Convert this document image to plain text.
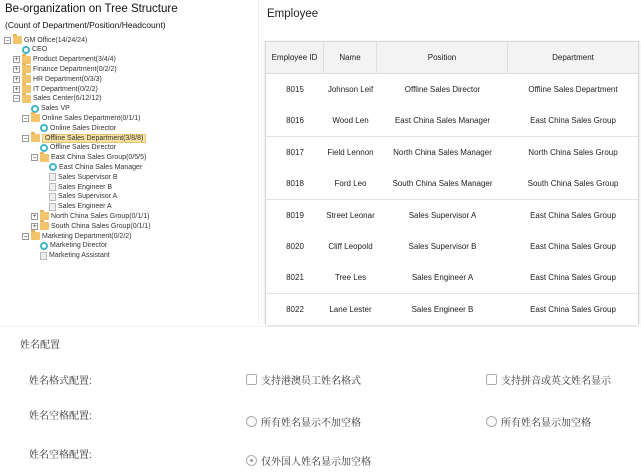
Be-organization on Tree Structure
(Count of Department/Position/Headcount)
− GM Office(14/24/24)
CEO
+ Product Department(3/4/4)
+ Finance Department(0/2/2)
+ HR Department(0/3/3)
+ IT Department(0/2/2)
− Sales Center(6/12/12)
Sales VP
− Online Sales Department(0/1/1)
Online Sales Director
−	Offline Sales Department(3/8/8)
Offline Sales Director
− East China Sales Group(0/5/5)
East China Sales Manager
Sales Supervisor B
Sales Engineer B
Sales Supervisor A
Sales Engineer A
+ North China Sales Group(0/1/1)
+ South China Sales Group(0/1/1)
− Marketing Department(0/2/2)
Marketing Director
Marketing Assistant
Employee
Employee ID	Name	Position	Department
8015	Johnson Leif	Offline Sales Director	Offline Sales Department
8016	Wood Len	East China Sales Manager	East China Sales Group
8017	Field Lennon	North China Sales Manager	North China Sales Group
8018	Ford Leo	South China Sales Manager	South China Sales Group
8019	Street Leonar	Sales Supervisor A	East China Sales Group
8020	Cliff Leopold	Sales Supervisor B	East China Sales Group
8021	Tree Les	Sales Engineer A	East China Sales Group
8022	Lane Lester	Sales Engineer B	East China Sales Group
姓名配置
姓名格式配置:	支持港澳员工姓名格式	支持拼音或英文姓名显示
姓名空格配置:
所有姓名显示不加空格	所有姓名显示加空格
姓名空格配置:
仅外国人姓名显示加空格
